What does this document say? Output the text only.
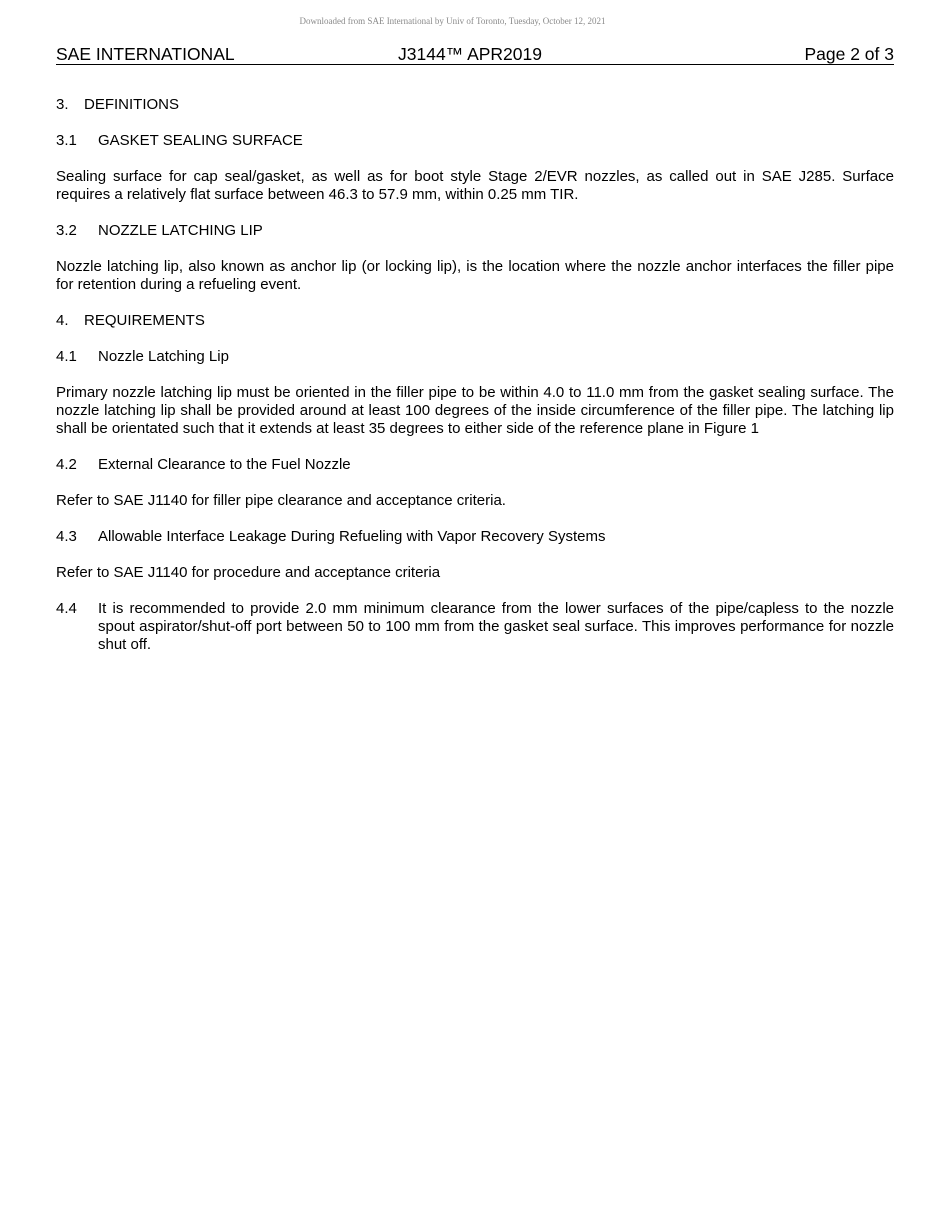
Downloaded from SAE International by Univ of Toronto, Tuesday, October 12, 2021
SAE INTERNATIONAL	J3144™ APR2019	Page 2 of 3
3.	DEFINITIONS
3.1	GASKET SEALING SURFACE

Sealing surface for cap seal/gasket, as well as for boot style Stage 2/EVR nozzles, as called out in SAE J285. Surface requires a relatively flat surface between 46.3 to 57.9 mm, within 0.25 mm TIR.

3.2	NOZZLE LATCHING LIP

Nozzle latching lip, also known as anchor lip (or locking lip), is the location where the nozzle anchor interfaces the filler pipe for retention during a refueling event.

4.	REQUIREMENTS
4.1	Nozzle Latching Lip

Primary nozzle latching lip must be oriented in the filler pipe to be within 4.0 to 11.0 mm from the gasket sealing surface. The nozzle latching lip shall be provided around at least 100 degrees of the inside circumference of the filler pipe. The latching lip shall be orientated such that it extends at least 35 degrees to either side of the reference plane in Figure 1

4.2	External Clearance to the Fuel Nozzle

Refer to SAE J1140 for filler pipe clearance and acceptance criteria.

4.3	Allowable Interface Leakage During Refueling with Vapor Recovery Systems

Refer to SAE J1140 for procedure and acceptance criteria

4.4	It is recommended to provide 2.0 mm minimum clearance from the lower surfaces of the pipe/capless to the nozzle spout aspirator/shut-off port between 50 to 100 mm from the gasket seal surface. This improves performance for nozzle shut off.
